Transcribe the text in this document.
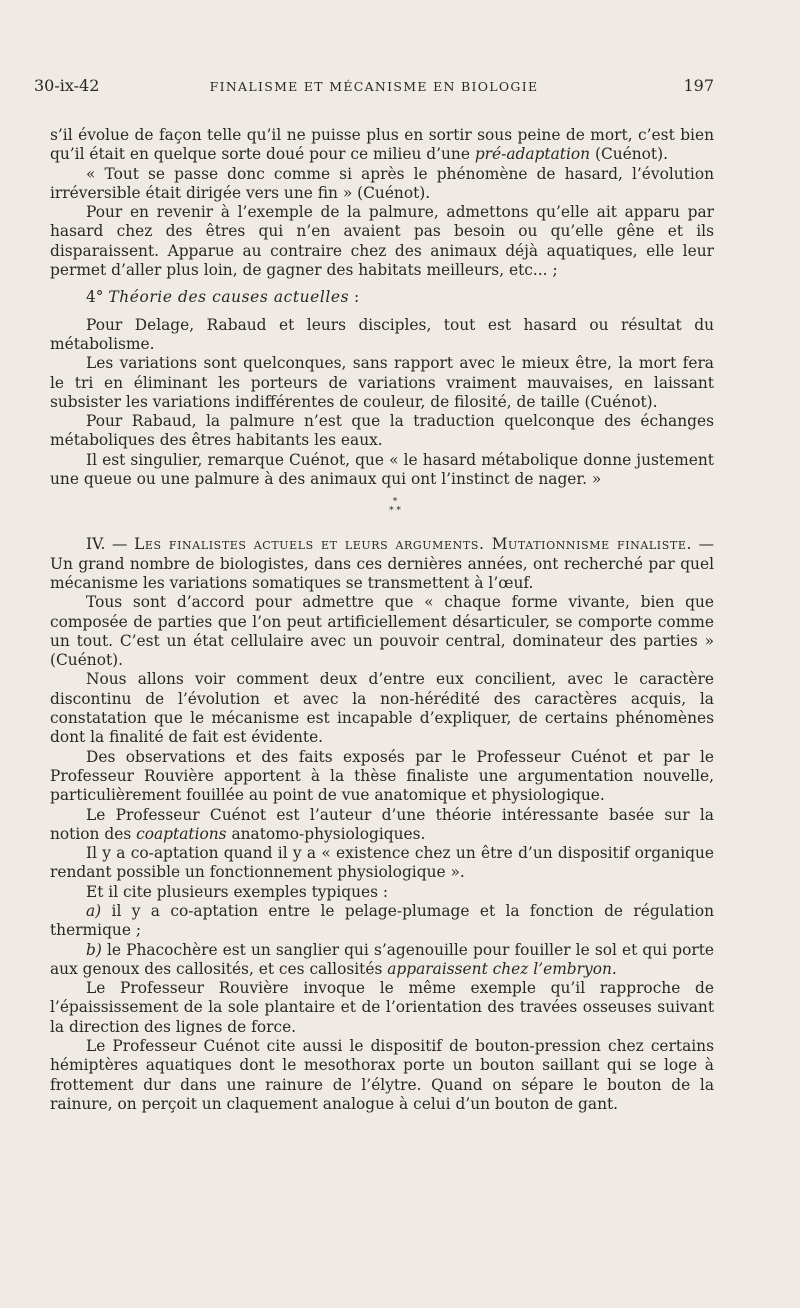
30-ix-42	FINALISME ET MÉCANISME EN BIOLOGIE	197

s’il évolue de façon telle qu’il ne puisse plus en sortir sous peine de mort, c’est bien qu’il était en quelque sorte doué pour ce milieu d’une pré-adaptation (Cuénot).

« Tout se passe donc comme si après le phénomène de hasard, l’évolution irréversible était dirigée vers une fin » (Cuénot).

Pour en revenir à l’exemple de la palmure, admettons qu’elle ait apparu par hasard chez des êtres qui n’en avaient pas besoin ou qu’elle gêne et ils disparaissent. Apparue au contraire chez des animaux déjà aquatiques, elle leur permet d’aller plus loin, de gagner des habitats meilleurs, etc... ;

4° Théorie des causes actuelles :

Pour Delage, Rabaud et leurs disciples, tout est hasard ou résultat du métabolisme.

Les variations sont quelconques, sans rapport avec le mieux être, la mort fera le tri en éliminant les porteurs de variations vraiment mauvaises, en laissant subsister les variations indifférentes de couleur, de filosité, de taille (Cuénot).

Pour Rabaud, la palmure n’est que la traduction quelconque des échanges métaboliques des êtres habitants les eaux.

Il est singulier, remarque Cuénot, que « le hasard métabolique donne justement une queue ou une palmure à des animaux qui ont l’instinct de nager. »

*
* *

IV. — Les finalistes actuels et leurs arguments. Mutationnisme finaliste. — Un grand nombre de biologistes, dans ces dernières années, ont recherché par quel mécanisme les variations somatiques se transmettent à l’œuf.

Tous sont d’accord pour admettre que « chaque forme vivante, bien que composée de parties que l’on peut artificiellement désarticuler, se comporte comme un tout. C’est un état cellulaire avec un pouvoir central, dominateur des parties » (Cuénot).

Nous allons voir comment deux d’entre eux concilient, avec le caractère discontinu de l’évolution et avec la non-hérédité des caractères acquis, la constatation que le mécanisme est incapable d’expliquer, de certains phénomènes dont la finalité de fait est évidente.

Des observations et des faits exposés par le Professeur Cuénot et par le Professeur Rouvière apportent à la thèse finaliste une argumentation nouvelle, particulièrement fouillée au point de vue anatomique et physiologique.

Le Professeur Cuénot est l’auteur d’une théorie intéressante basée sur la notion des coaptations anatomo-physiologiques.

Il y a co-aptation quand il y a « existence chez un être d’un dispositif organique rendant possible un fonctionnement physiologique ».

Et il cite plusieurs exemples typiques :

a) il y a co-aptation entre le pelage-plumage et la fonction de régulation thermique ;

b) le Phacochère est un sanglier qui s’agenouille pour fouiller le sol et qui porte aux genoux des callosités, et ces callosités apparaissent chez l’embryon.

Le Professeur Rouvière invoque le même exemple qu’il rapproche de l’épaississement de la sole plantaire et de l’orientation des travées osseuses suivant la direction des lignes de force.

Le Professeur Cuénot cite aussi le dispositif de bouton-pression chez certains hémiptères aquatiques dont le mesothorax porte un bouton saillant qui se loge à frottement dur dans une rainure de l’élytre. Quand on sépare le bouton de la rainure, on perçoit un claquement analogue à celui d’un bouton de gant.
